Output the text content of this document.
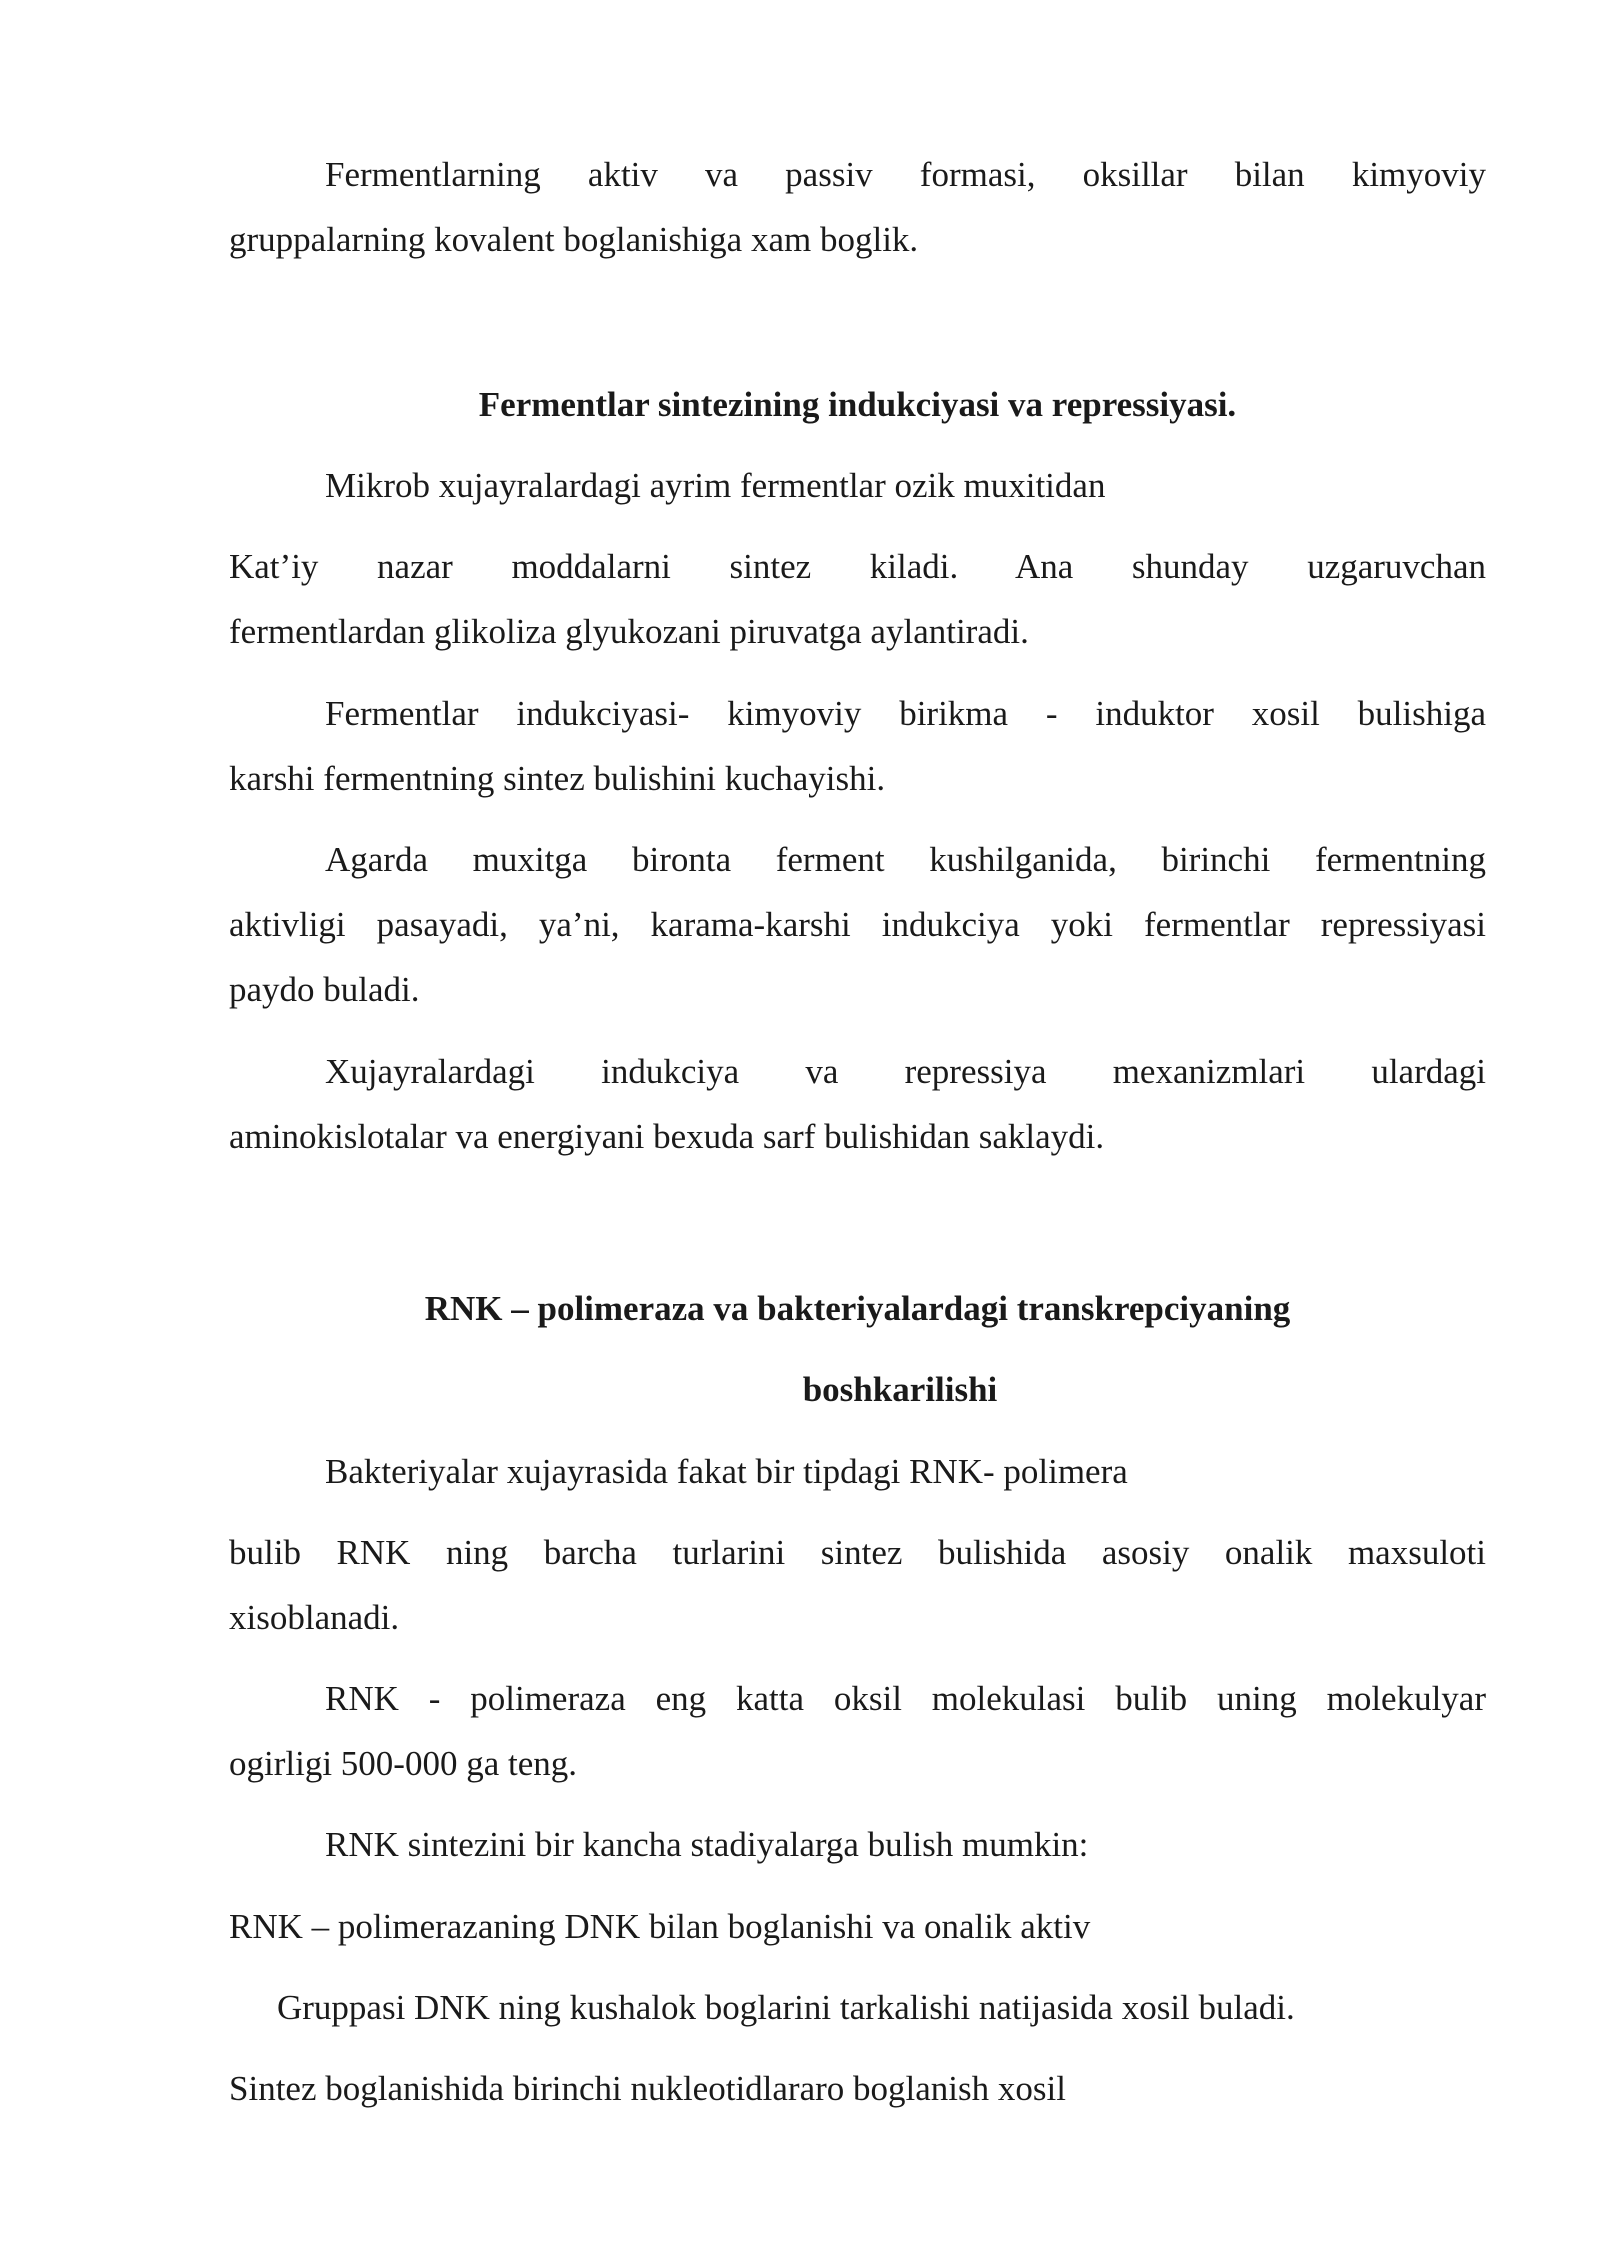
Fermentlarning aktiv va passiv formasi, oksillar bilan kimyoviy
gruppalarning kovalent boglanishiga xam boglik.
Fermentlar sintezining indukciyasi va repressiyasi.
Mikrob xujayralardagi ayrim fermentlar ozik muxitidan
Kat’iy nazar moddalarni sintez kiladi. Ana shunday uzgaruvchan
fermentlardan glikoliza glyukozani piruvatga aylantiradi.
Fermentlar indukciyasi- kimyoviy birikma - induktor xosil bulishiga
karshi fermentning sintez bulishini kuchayishi.
Agarda muxitga bironta ferment kushilganida, birinchi fermentning
aktivligi pasayadi, ya’ni, karama-karshi indukciya yoki fermentlar repressiyasi
paydo buladi.
Xujayralardagi indukciya va repressiya mexanizmlari ulardagi
aminokislotalar va energiyani bexuda sarf bulishidan saklaydi.
RNK – polimeraza va bakteriyalardagi transkrepciyaning
boshkarilishi
Bakteriyalar xujayrasida fakat bir tipdagi RNK- polimera
bulib RNK ning barcha turlarini sintez bulishida asosiy onalik maxsuloti
xisoblanadi.
RNK - polimeraza eng katta oksil molekulasi bulib uning molekulyar
ogirligi 500-000 ga teng.
RNK sintezini bir kancha stadiyalarga bulish mumkin:
RNK – polimerazaning DNK bilan boglanishi va onalik aktiv
Gruppasi DNK ning kushalok boglarini tarkalishi natijasida xosil buladi.
Sintez boglanishida birinchi nukleotidlararo boglanish xosil
